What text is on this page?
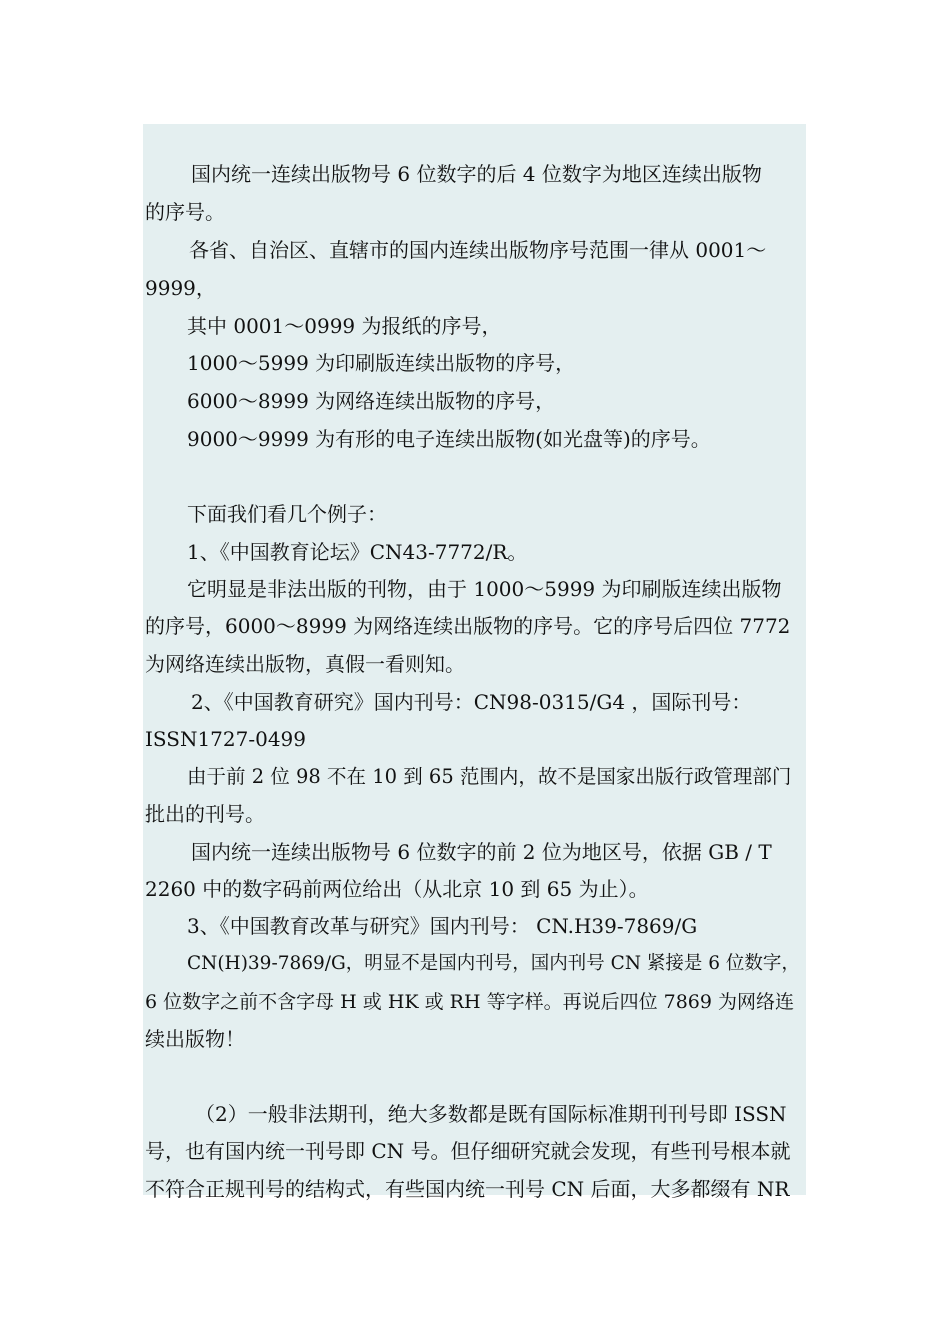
国内统一连续出版物号 6 位数字的后 4 位数字为地区连续出版物
的序号。
各省、自治区、直辖市的国内连续出版物序号范围一律从 0001～
9999，
其中 0001～0999 为报纸的序号，
1000～5999 为印刷版连续出版物的序号，
6000～8999 为网络连续出版物的序号，
9000～9999 为有形的电子连续出版物(如光盘等)的序号。
下面我们看几个例子：
1、《中国教育论坛》CN43-7772/R。
它明显是非法出版的刊物，由于 1000～5999 为印刷版连续出版物
的序号，6000～8999 为网络连续出版物的序号。它的序号后四位 7772
为网络连续出版物，真假一看则知。
2、《中国教育研究》国内刊号：CN98-0315/G4 ，国际刊号：
ISSN1727-0499
由于前 2 位 98 不在 10 到 65 范围内，故不是国家出版行政管理部门
批出的刊号。
国内统一连续出版物号 6 位数字的前 2 位为地区号，依据 GB / T
2260 中的数字码前两位给出（从北京 10 到 65 为止）。
3、《中国教育改革与研究》国内刊号： CN.H39-7869/G
CN(H)39-7869/G，明显不是国内刊号，国内刊号 CN 紧接是 6 位数字，
6 位数字之前不含字母 H 或 HK 或 RH 等字样。再说后四位 7869 为网络连
续出版物！
（2）一般非法期刊，绝大多数都是既有国际标准期刊刊号即 ISSN
号，也有国内统一刊号即 CN 号。但仔细研究就会发现，有些刊号根本就
不符合正规刊号的结构式，有些国内统一刊号 CN 后面，大多都缀有 NR
